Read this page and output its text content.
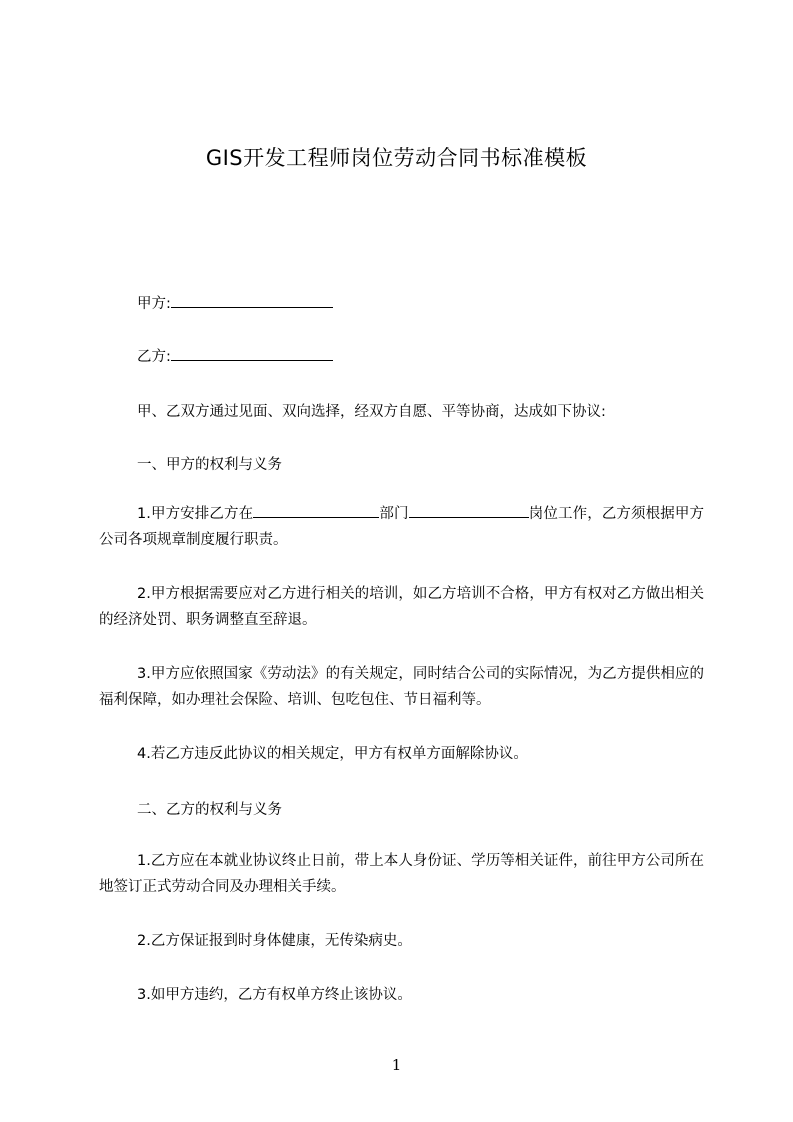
GIS开发工程师岗位劳动合同书标准模板
甲方:
乙方:
甲、乙双方通过见面、双向选择，经双方自愿、平等协商，达成如下协议:
一、甲方的权利与义务
1.甲方安排乙方在	部门	岗位工作，乙方须根据甲方公司各项规章制度履行职责。
2.甲方根据需要应对乙方进行相关的培训，如乙方培训不合格，甲方有权对乙方做出相关的经济处罚、职务调整直至辞退。
3.甲方应依照国家《劳动法》的有关规定，同时结合公司的实际情况，为乙方提供相应的福利保障，如办理社会保险、培训、包吃包住、节日福利等。
4.若乙方违反此协议的相关规定，甲方有权单方面解除协议。
二、乙方的权利与义务
1.乙方应在本就业协议终止日前，带上本人身份证、学历等相关证件，前往甲方公司所在地签订正式劳动合同及办理相关手续。
2.乙方保证报到时身体健康，无传染病史。
3.如甲方违约，乙方有权单方终止该协议。
1
